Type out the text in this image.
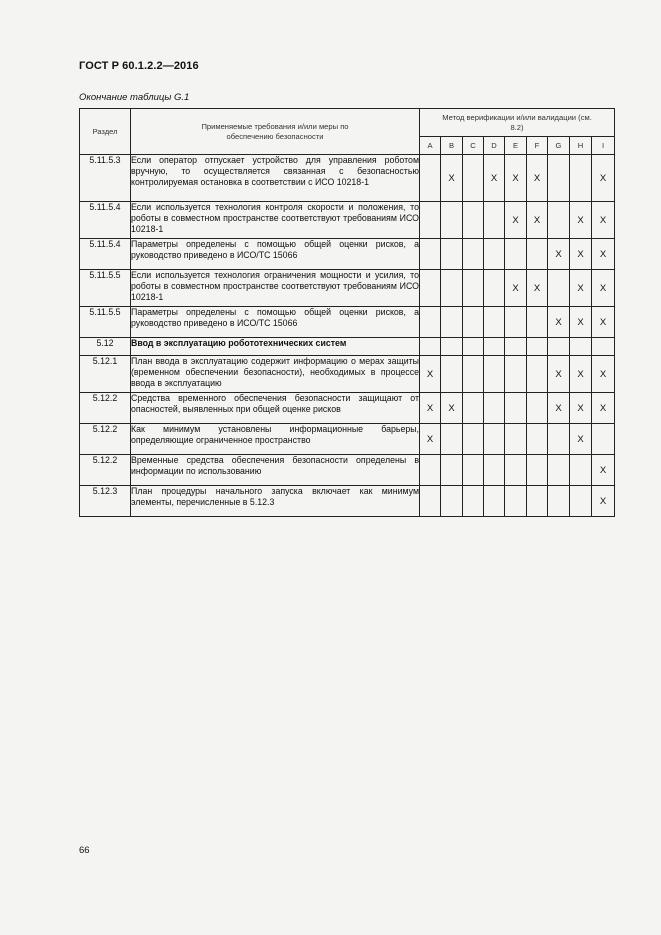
ГОСТ Р 60.1.2.2—2016
Окончание таблицы G.1
Раздел	Применяемые требования и/или меры по обеспечению безопасности	Метод верификации и/или валидации (см. 8.2)								

		A	B	C	D	E	F	G	H	I
5.11.5.3	Если оператор отпускает устройство для управления роботом вручную, то осуществляется связанная с безопасностью контролируемая остановка в соответствии с ИСО 10218-1		X		X	X	X			X
5.11.5.4	Если используется технология контроля скорости и положения, то роботы в совместном пространстве соответствуют требованиям ИСО 10218-1					X	X		X	X
5.11.5.4	Параметры определены с помощью общей оценки рисков, а руководство приведено в ИСО/ТС 15066							X	X	X
5.11.5.5	Если используется технология ограничения мощности и усилия, то роботы в совместном пространстве соответствуют требованиям ИСО 10218-1					X	X		X	X
5.11.5.5	Параметры определены с помощью общей оценки рисков, а руководство приведено в ИСО/ТС 15066							X	X	X
5.12	Ввод в эксплуатацию робототехнических систем									
5.12.1	План ввода в эксплуатацию содержит информацию о мерах защиты (временном обеспечении безопасности), необходимых в процессе ввода в эксплуатацию	X						X	X	X
5.12.2	Средства временного обеспечения безопасности защищают от опасностей, выявленных при общей оценке рисков	X	X					X	X	X
5.12.2	Как минимум установлены информационные барьеры, определяющие ограниченное пространство	X							X	
5.12.2	Временные средства обеспечения безопасности определены в информации по использованию									X
5.12.3	План процедуры начального запуска включает как минимум элементы, перечисленные в 5.12.3									X
66
